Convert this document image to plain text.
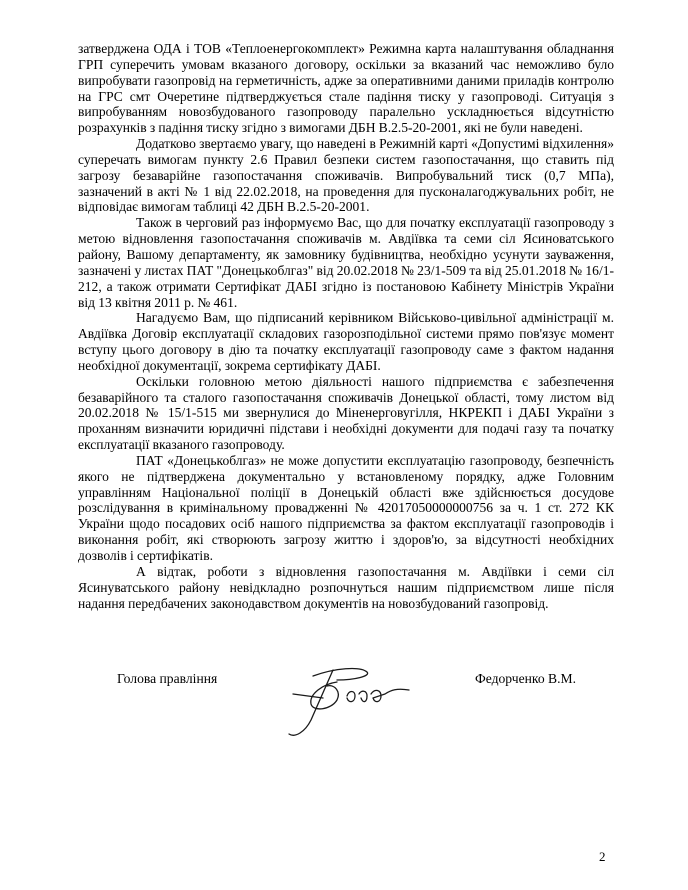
затверджена ОДА і ТОВ «Теплоенергокомплект» Режимна карта налаштування обладнання ГРП суперечить умовам вказаного договору, оскільки за вказаний час неможливо було випробувати газопровід на герметичність, адже за оперативними даними приладів контролю на ГРС смт Очеретине підтверджується стале падіння тиску у газопроводі. Ситуація з випробуванням новозбудованого газопроводу паралельно ускладнюється відсутністю розрахунків з падіння тиску згідно з вимогами ДБН В.2.5-20-2001, які не були наведені.

Додатково звертаємо увагу, що наведені в Режимній карті «Допустимі відхилення» суперечать вимогам пункту 2.6 Правил безпеки систем газопостачання, що ставить під загрозу безаварійне газопостачання споживачів. Випробувальний тиск (0,7 МПа), зазначений в акті № 1 від 22.02.2018, на проведення для пусконалагоджувальних робіт, не відповідає вимогам таблиці 42 ДБН В.2.5-20-2001.

Також в черговий раз інформуємо Вас, що для початку експлуатації газопроводу з метою відновлення газопостачання споживачів м. Авдіївка та семи сіл Ясиноватського району, Вашому департаменту, як замовнику будівництва, необхідно усунути зауваження, зазначені у листах ПАТ "Донецькоблгаз" від 20.02.2018 № 23/1-509 та від 25.01.2018 № 16/1-212, а також отримати Сертифікат ДАБІ згідно із постановою Кабінету Міністрів України від 13 квітня 2011 р. № 461.

Нагадуємо Вам, що підписаний керівником Військово-цивільної адміністрації м. Авдіївка Договір експлуатації складових газорозподільної системи прямо пов'язує момент вступу цього договору в дію та початку експлуатації газопроводу саме з фактом надання необхідної документації, зокрема сертифікату ДАБІ.

Оскільки головною метою діяльності нашого підприємства є забезпечення безаварійного та сталого газопостачання споживачів Донецької області, тому листом від 20.02.2018 № 15/1-515 ми звернулися до Міненерговугілля, НКРЕКП і ДАБІ України з проханням визначити юридичні підстави і необхідні документи для подачі газу та початку експлуатації вказаного газопроводу.

ПАТ «Донецькоблгаз» не може допустити експлуатацію газопроводу, безпечність якого не підтверджена документально у встановленому порядку, адже Головним управлінням Національної поліції в Донецькій області вже здійснюється досудове розслідування в кримінальному провадженні № 42017050000000756 за ч. 1 ст. 272 КК України щодо посадових осіб нашого підприємства за фактом експлуатації газопроводів і виконання робіт, які створюють загрозу життю і здоров'ю, за відсутності необхідних дозволів і сертифікатів.

А відтак, роботи з відновлення газопостачання м. Авдіївки і семи сіл Ясинуватського району невідкладно розпочнуться нашим підприємством лише після надання передбачених законодавством документів на новозбудований газопровід.

Голова правління	Федорченко В.М.
2
